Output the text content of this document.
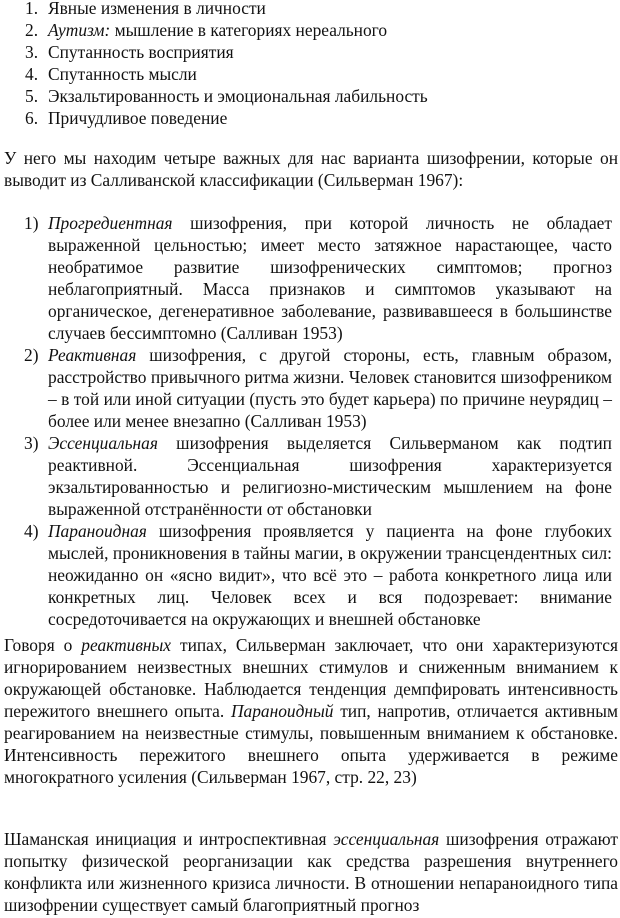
1. Явные изменения в личности
2. Аутизм: мышление в категориях нереального
3. Спутанность восприятия
4. Спутанность мысли
5. Экзальтированность и эмоциональная лабильность
6. Причудливое поведение

У него мы находим четыре важных для нас варианта шизофрении, которые он выводит из Салливанской классификации (Сильверман 1967):

1) Прогредиентная шизофрения, при которой личность не обладает выраженной цельностью; имеет место затяжное нарастающее, часто необратимое развитие шизофренических симптомов; прогноз неблагоприятный. Масса признаков и симптомов указывают на органическое, дегенеративное заболевание, развивавшееся в большинстве случаев бессимптомно (Салливан 1953)
2) Реактивная шизофрения, с другой стороны, есть, главным образом, расстройство привычного ритма жизни. Человек становится шизофреником – в той или иной ситуации (пусть это будет карьера) по причине неурядиц – более или менее внезапно (Салливан 1953)
3) Эссенциальная шизофрения выделяется Сильверманом как подтип реактивной. Эссенциальная шизофрения характеризуется экзальтированностью и религиозно-мистическим мышлением на фоне выраженной отстранённости от обстановки
4) Параноидная шизофрения проявляется у пациента на фоне глубоких мыслей, проникновения в тайны магии, в окружении трансцендентных сил: неожиданно он «ясно видит», что всё это – работа конкретного лица или конкретных лиц. Человек всех и вся подозревает: внимание сосредоточивается на окружающих и внешней обстановке

Говоря о реактивных типах, Сильверман заключает, что они характеризуются игнорированием неизвестных внешних стимулов и сниженным вниманием к окружающей обстановке. Наблюдается тенденция демпфировать интенсивность пережитого внешнего опыта. Параноидный тип, напротив, отличается активным реагированием на неизвестные стимулы, повышенным вниманием к обстановке. Интенсивность пережитого внешнего опыта удерживается в режиме многократного усиления (Сильверман 1967, стр. 22, 23)

Шаманская инициация и интроспективная эссенциальная шизофрения отражают попытку физической реорганизации как средства разрешения внутреннего конфликта или жизненного кризиса личности. В отношении непараноидного типа шизофрении существует самый благоприятный прогноз
